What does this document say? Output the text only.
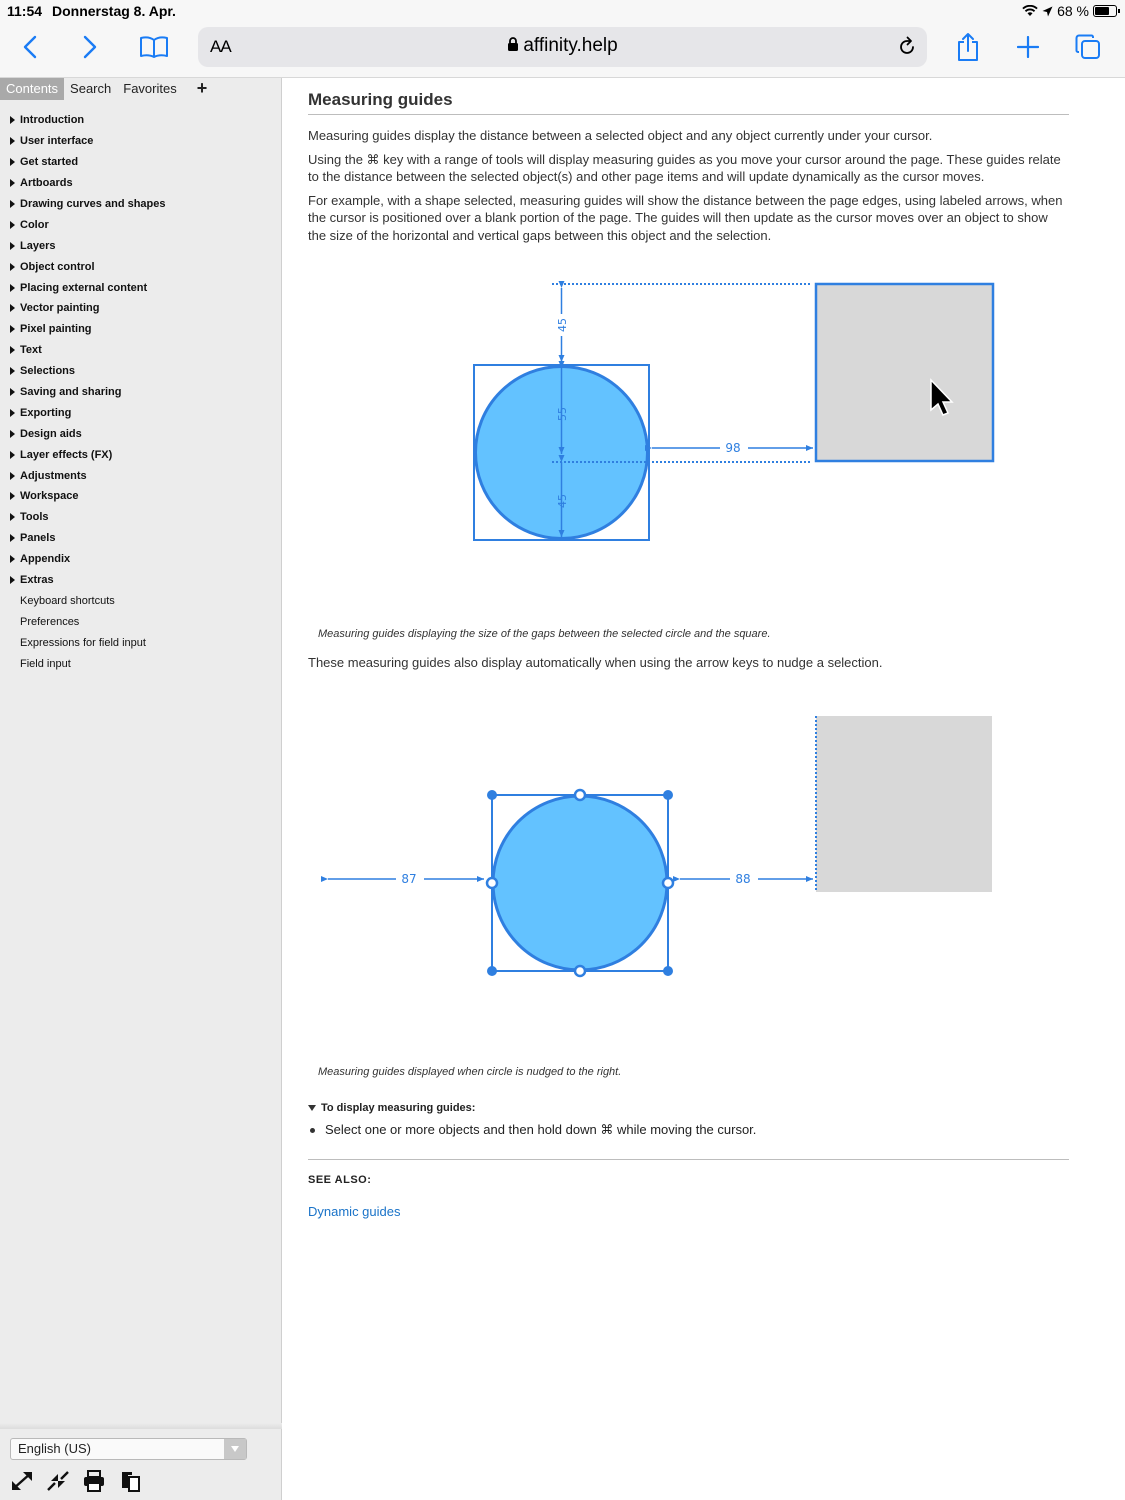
11:54 Donnerstag 8. Apr.	68 %
AA	affinity.help
Contents Search Favorites	+
Introduction
User interface
Get started
Artboards
Drawing curves and shapes
Color
Layers
Object control
Placing external content
Vector painting
Pixel painting
Text
Selections
Saving and sharing
Exporting
Design aids
Layer effects (FX)
Adjustments
Workspace
Tools
Panels
Appendix
Extras
Keyboard shortcuts
Preferences
Expressions for field input
Field input
English (US)
Measuring guides

Measuring guides display the distance between a selected object and any object currently under your cursor.

Using the ⌘ key with a range of tools will display measuring guides as you move your cursor around the page. These guides relate to the distance between the selected object(s) and other page items and will update dynamically as the cursor moves.

For example, with a shape selected, measuring guides will show the distance between the page edges, using labeled arrows, when the cursor is positioned over a blank portion of the page. The guides will then update as the cursor moves over an object to show the size of the horizontal and vertical gaps between this object and the selection.

45
55
45
98

Measuring guides displaying the size of the gaps between the selected circle and the square.

These measuring guides also display automatically when using the arrow keys to nudge a selection.

87	88

Measuring guides displayed when circle is nudged to the right.

To display measuring guides:
Select one or more objects and then hold down ⌘ while moving the cursor.
SEE ALSO:
Dynamic guides
